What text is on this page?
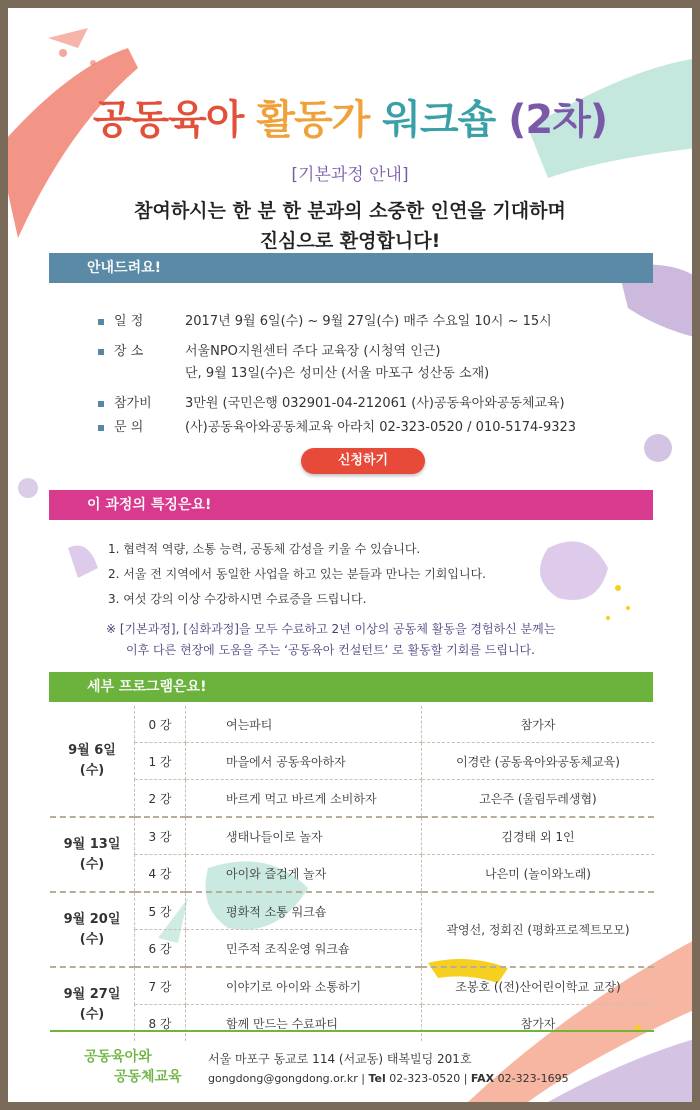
공동육아 활동가 워크숍 (2차)
[기본과정 안내]
참여하시는 한 분 한 분과의 소중한 인연을 기대하며
진심으로 환영합니다!
안내드려요!
일 정	2017년 9월 6일(수) ~ 9월 27일(수) 매주 수요일 10시 ~ 15시
장 소	서울NPO지원센터 주다 교육장 (시청역 인근)
단, 9월 13일(수)은 성미산 (서울 마포구 성산동 소재)
참가비	3만원 (국민은행 032901-04-212061 (사)공동육아와공동체교육)
문 의	(사)공동육아와공동체교육 아라치 02-323-0520 / 010-5174-9323
신청하기
이 과정의 특징은요!
1. 협력적 역량, 소통 능력, 공동체 감성을 키울 수 있습니다.
2. 서울 전 지역에서 동일한 사업을 하고 있는 분들과 만나는 기회입니다.
3. 여섯 강의 이상 수강하시면 수료증을 드립니다.
※ [기본과정], [심화과정]을 모두 수료하고 2년 이상의 공동체 활동을 경험하신 분께는
이후 다른 현장에 도움을 주는 ‘공동육아 컨설턴트’ 로 활동할 기회를 드립니다.
세부 프로그램은요!
9월 6일
(수)	0 강	여는파티	참가자
	1 강	마을에서 공동육아하자	이경란 (공동육아와공동체교육)
	2 강	바르게 먹고 바르게 소비하자	고은주 (울림두레생협)

9월 13일
(수)	3 강	생태나들이로 놀자	김경태 외 1인
	4 강	아이와 즐겁게 놀자	나은미 (놀이와노래)

9월 20일
(수)	5 강	평화적 소통 워크숍	곽영선, 정회진 (평화프로젝트모모)
	6 강	민주적 조직운영 워크숍	

9월 27일
(수)	7 강	이야기로 아이와 소통하기	조봉호 ((전)산어린이학교 교장)
	8 강	함께 만드는 수료파티	참가자
공동육아와
공동체교육
서울 마포구 동교로 114 (서교동) 태복빌딩 201호
gongdong@gongdong.or.kr | Tel 02-323-0520 | FAX 02-323-1695
